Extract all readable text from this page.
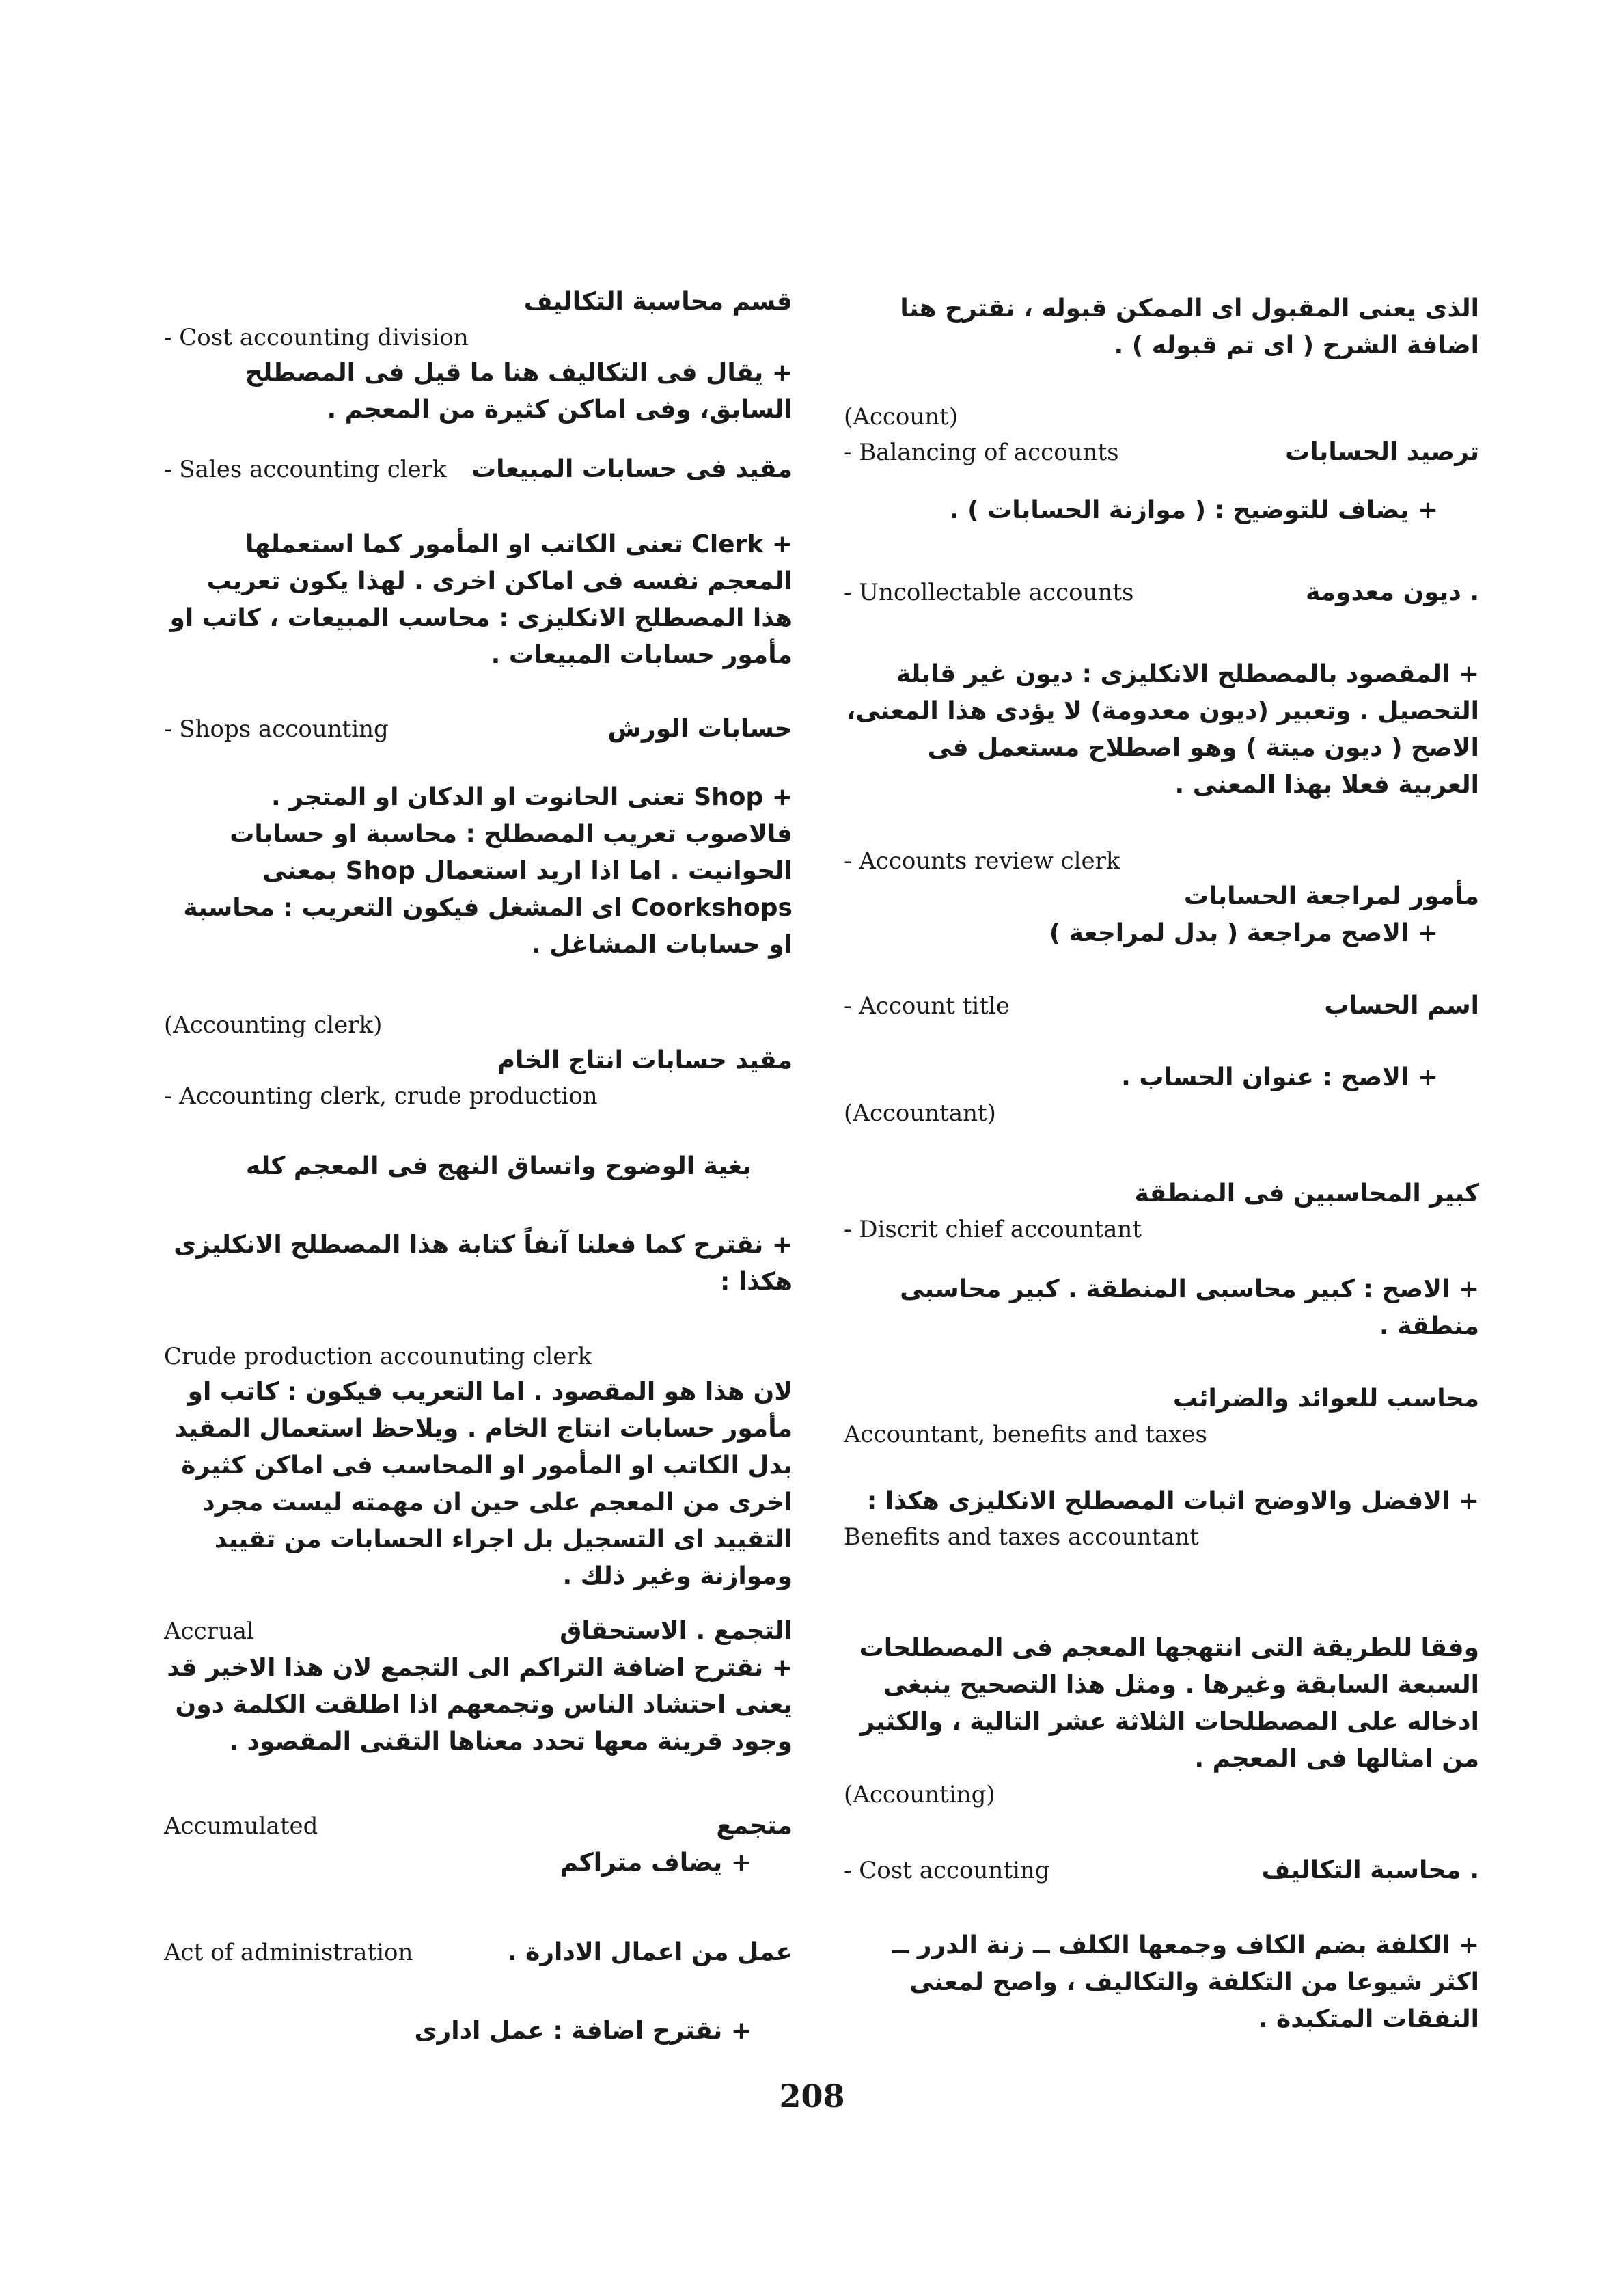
الذى يعنى المقبول اى الممكن قبوله ، نقترح هنا اضافة الشرح ( اى تم قبوله ) .

(Account)

- Balancing of accounts	ترصيد الحسابات

+ يضاف للتوضيح : ( موازنة الحسابات ) .

- Uncollectable accounts	. ديون معدومة

+ المقصود بالمصطلح الانكليزى : ديون غير قابلة التحصيل . وتعبير (ديون معدومة) لا يؤدى هذا المعنى، الاصح ( ديون ميتة ) وهو اصطلاح مستعمل فى العربية فعلا بهذا المعنى .

- Accounts review clerk

مأمور لمراجعة الحسابات

+ الاصح مراجعة ( بدل لمراجعة )

- Account title	اسم الحساب

+ الاصح : عنوان الحساب .

(Accountant)

كبير المحاسبين فى المنطقة

- Discrit chief accountant

+ الاصح : كبير محاسبى المنطقة . كبير محاسبى منطقة .

محاسب للعوائد والضرائب

Accountant, benefits and taxes

+ الافضل والاوضح اثبات المصطلح الانكليزى هكذا :

Benefits and taxes accountant

وفقا للطريقة التى انتهجها المعجم فى المصطلحات السبعة السابقة وغيرها . ومثل هذا التصحيح ينبغى ادخاله على المصطلحات الثلاثة عشر التالية ، والكثير من امثالها فى المعجم .

(Accounting)

- Cost accounting	. محاسبة التكاليف

+ الكلفة بضم الكاف وجمعها الكلف ــ زنة الدرر ــ اكثر شيوعا من التكلفة والتكاليف ، واصح لمعنى النفقات المتكبدة .

قسم محاسبة التكاليف

- Cost accounting division

+ يقال فى التكاليف هنا ما قيل فى المصطلح السابق، وفى اماكن كثيرة من المعجم .

- Sales accounting clerk مقيد فى حسابات المبيعات

+ Clerk تعنى الكاتب او المأمور كما استعملها المعجم نفسه فى اماكن اخرى . لهذا يكون تعريب هذا المصطلح الانكليزى : محاسب المبيعات ، كاتب او مأمور حسابات المبيعات .

- Shops accounting	حسابات الورش

+ Shop تعنى الحانوت او الدكان او المتجر . فالاصوب تعريب المصطلح : محاسبة او حسابات الحوانيت . اما اذا اريد استعمال Shop بمعنى Coorkshops اى المشغل فيكون التعريب : محاسبة او حسابات المشاغل .

(Accounting clerk)

مقيد حسابات انتاج الخام

- Accounting clerk, crude production

بغية الوضوح واتساق النهج فى المعجم كله

+ نقترح كما فعلنا آنفاً كتابة هذا المصطلح الانكليزى هكذا :

Crude production accounuting clerk

لان هذا هو المقصود . اما التعريب فيكون : كاتب او مأمور حسابات انتاج الخام . ويلاحظ استعمال المقيد بدل الكاتب او المأمور او المحاسب فى اماكن كثيرة اخرى من المعجم على حين ان مهمته ليست مجرد التقييد اى التسجيل بل اجراء الحسابات من تقييد وموازنة وغير ذلك .

Accrual	التجمع . الاستحقاق

+ نقترح اضافة التراكم الى التجمع لان هذا الاخير قد يعنى احتشاد الناس وتجمعهم اذا اطلقت الكلمة دون وجود قرينة معها تحدد معناها التقنى المقصود .

Accumulated	متجمع

+ يضاف متراكم

Act of administration	عمل من اعمال الادارة .

+ نقترح اضافة : عمل ادارى

208
